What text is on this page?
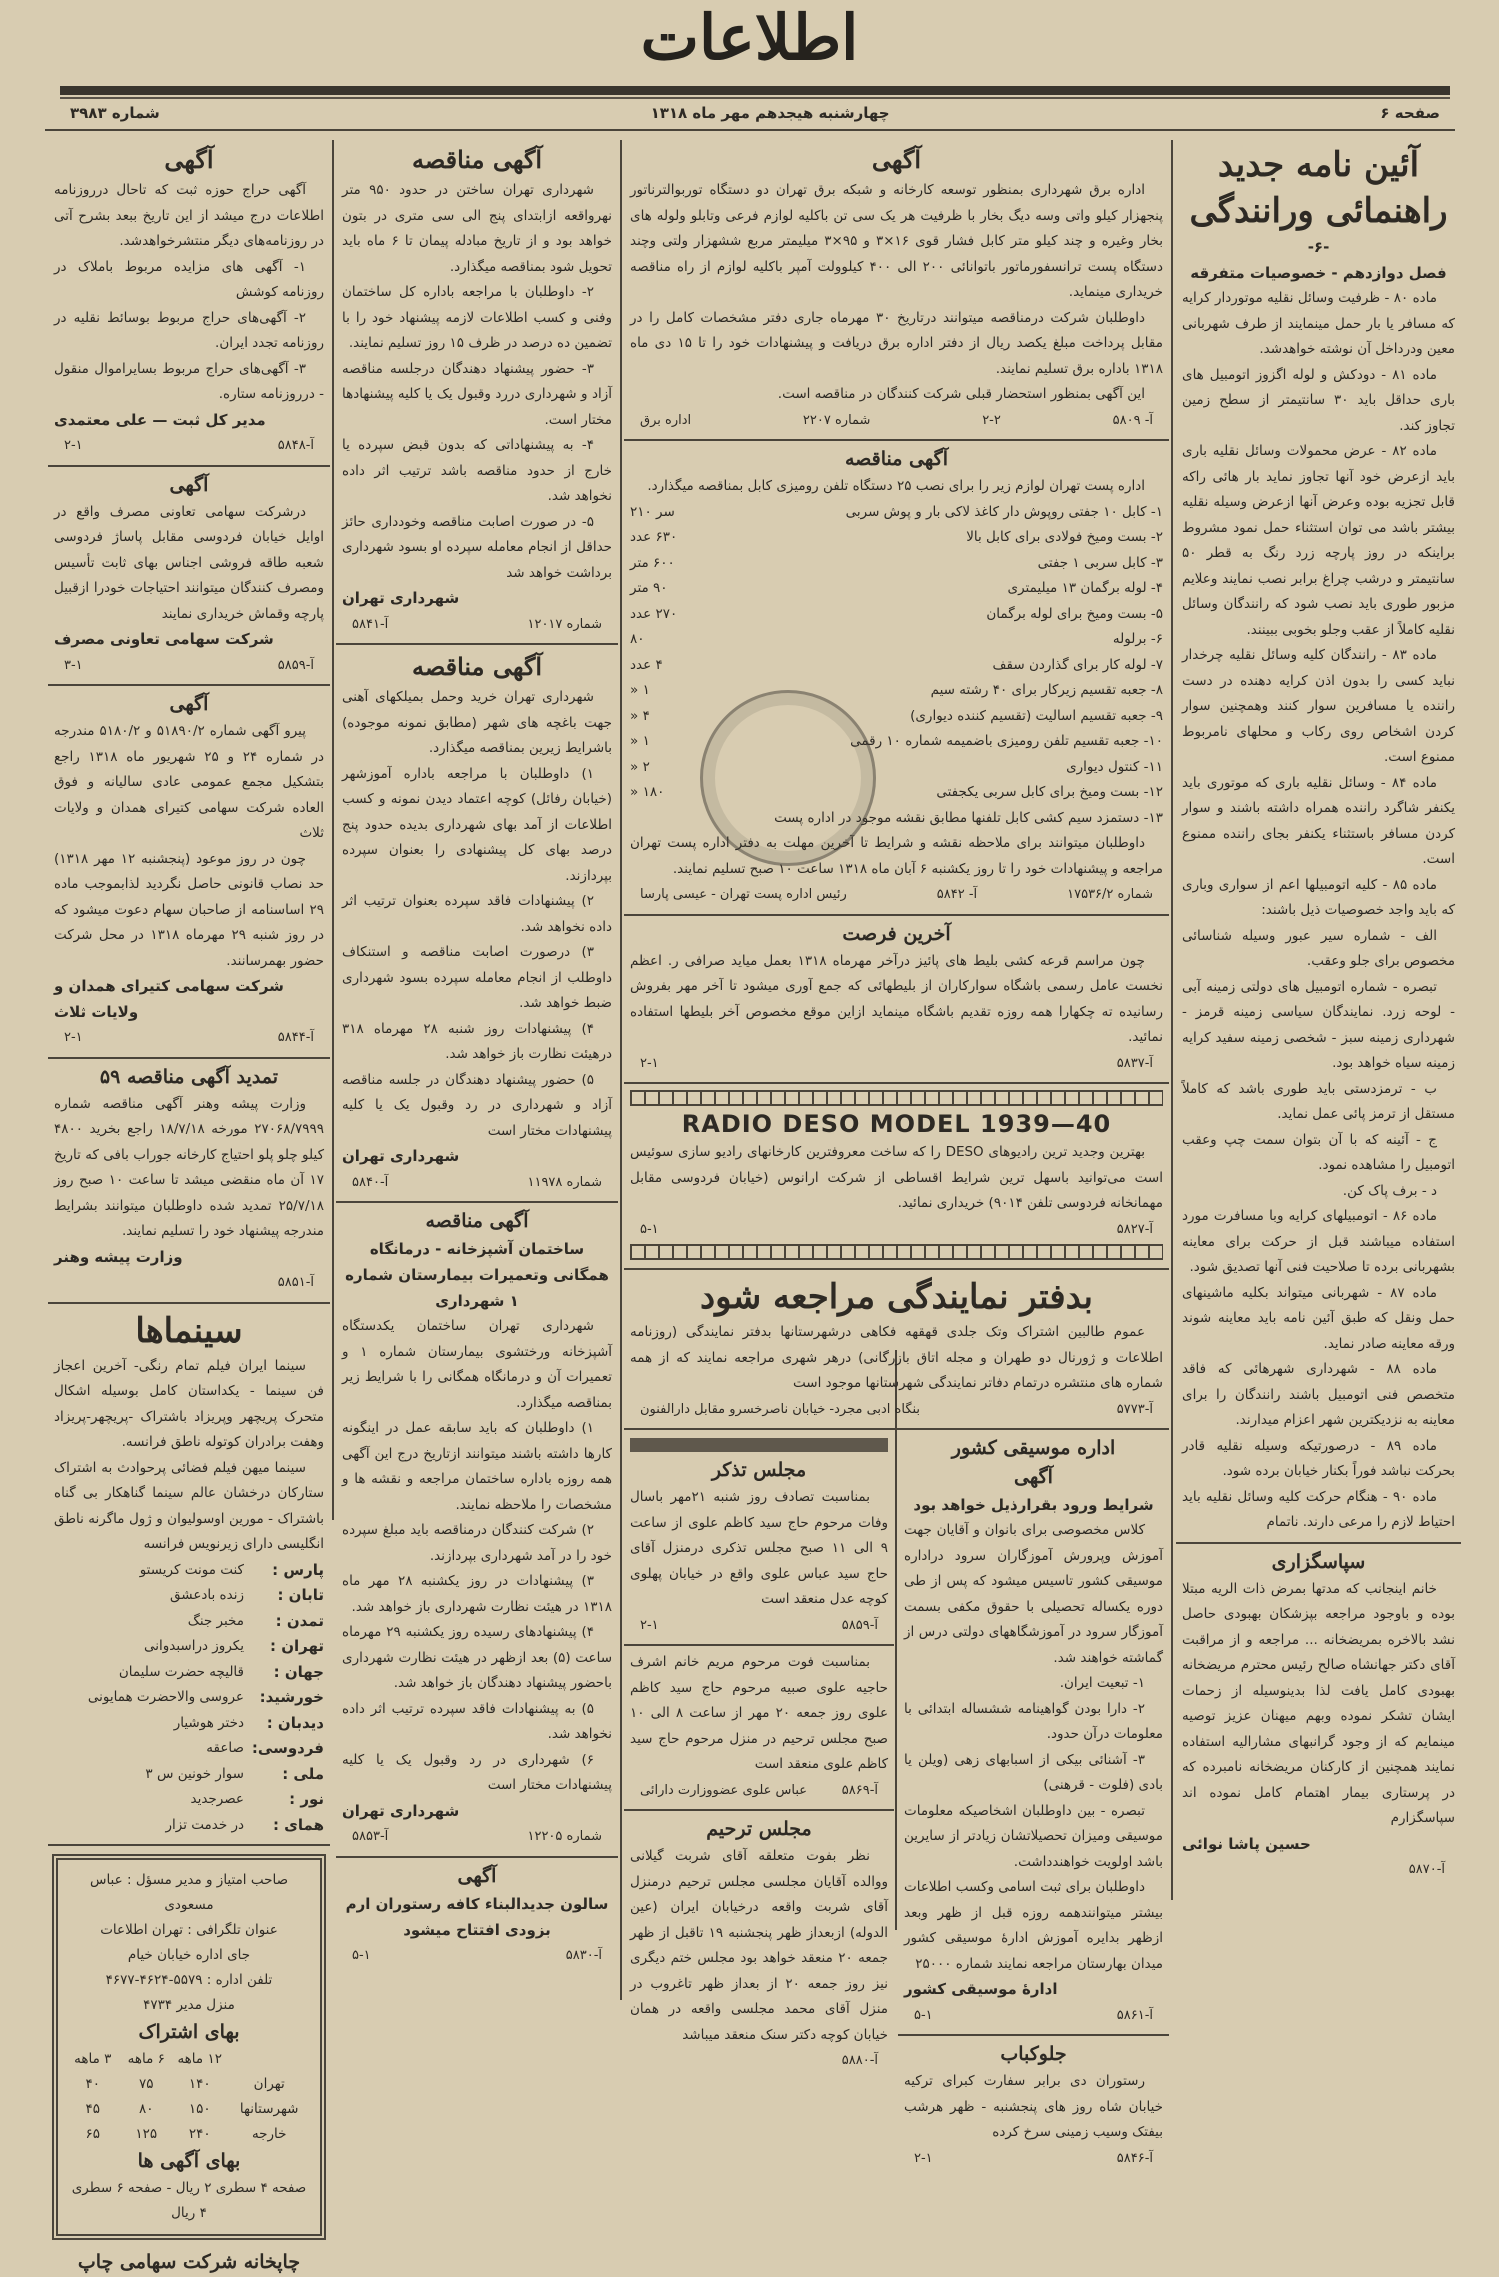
اطلاعات
صفحه ۶
چهارشنبه هیجدهم مهر ماه ۱۳۱۸
شماره ۳۹۸۳
آئین نامه جدید
راهنمائی ورانندگی
-۶-
فصل دوازدهم - خصوصیات متفرقه
ماده ۸۰ - ظرفیت وسائل نقلیه موتوردار کرایه که مسافر یا بار حمل مینمایند از طرف شهربانی معین ودرداخل آن نوشته خواهدشد.
ماده ۸۱ - دودکش و لوله اگزوز اتومبیل های باری حداقل باید ۳۰ سانتیمتر از سطح زمین تجاوز کند.
ماده ۸۲ - عرض محمولات وسائل نقلیه باری باید ازعرض خود آنها تجاوز نماید بار هائی راکه قابل تجزیه بوده وعرض آنها ازعرض وسیله نقلیه بیشتر باشد می توان استثناء حمل نمود مشروط براینکه در روز پارچه زرد رنگ به قطر ۵۰ سانتیمتر و درشب چراغ برابر نصب نمایند وعلایم مزبور طوری باید نصب شود که رانندگان وسائل نقلیه کاملاً از عقب وجلو بخوبی ببینند.
ماده ۸۳ - رانندگان کلیه وسائل نقلیه چرخدار نباید کسی را بدون اذن کرایه دهنده در دست راننده یا مسافرین سوار کنند وهمچنین سوار کردن اشخاص روی رکاب و محلهای نامربوط ممنوع است.
ماده ۸۴ - وسائل نقلیه باری که موتوری باید یکنفر شاگرد راننده همراه داشته باشند و سوار کردن مسافر باستثناء یکنفر بجای راننده ممنوع است.
ماده ۸۵ - کلیه اتومبیلها اعم از سواری وباری که باید واجد خصوصیات ذیل باشند:
الف - شماره سیر عبور وسیله شناسائی مخصوص برای جلو وعقب.
تبصره - شماره اتومبیل های دولتی زمینه آبی - لوحه زرد. نمایندگان سیاسی زمینه قرمز - شهرداری زمینه سبز - شخصی زمینه سفید کرایه زمینه سیاه خواهد بود.
ب - ترمزدستی باید طوری باشد که کاملاً مستقل از ترمز پائی عمل نماید.
ج - آئینه که با آن بتوان سمت چپ وعقب اتومبیل را مشاهده نمود.
د - برف پاک کن.
ماده ۸۶ - اتومبیلهای کرایه وبا مسافرت مورد استفاده میباشند قبل از حرکت برای معاینه بشهربانی برده تا صلاحیت فنی آنها تصدیق شود.
ماده ۸۷ - شهربانی میتواند بکلیه ماشینهای حمل ونقل که طبق آئین نامه باید معاینه شوند ورقه معاینه صادر نماید.
ماده ۸۸ - شهرداری شهرهائی که فاقد متخصص فنی اتومبیل باشند رانندگان را برای معاینه به نزدیکترین شهر اعزام میدارند.
ماده ۸۹ - درصورتیکه وسیله نقلیه قادر بحرکت نباشد فوراً بکنار خیابان برده شود.
ماده ۹۰ - هنگام حرکت کلیه وسائل نقلیه باید احتیاط لازم را مرعی دارند. ناتمام
سپاسگزاری
خانم اینجانب که مدتها بمرض ذات الریه مبتلا بوده و باوجود مراجعه بپزشکان بهبودی حاصل نشد بالاخره بمریضخانه ... مراجعه و از مراقبت آقای دکتر جهانشاه صالح رئیس محترم مریضخانه بهبودی کامل یافت لذا بدینوسیله از زحمات ایشان تشکر نموده وبهم میهنان عزیز توصیه مینمایم که از وجود گرانبهای مشارالیه استفاده نمایند همچنین از کارکنان مریضخانه نامبرده که در پرستاری بیمار اهتمام کامل نموده اند سپاسگزارم
حسین پاشا نوائی
آ-۵۸۷۰
آگهی
اداره برق شهرداری بمنظور توسعه کارخانه و شبکه برق تهران دو دستگاه توربوالترناتور پنجهزار کیلو واتی وسه دیگ بخار با ظرفیت هر یک سی تن باکلیه لوازم فرعی وتابلو ولوله های بخار وغیره و چند کیلو متر کابل فشار قوی ۱۶×۳ و ۹۵×۳ میلیمتر مربع ششهزار ولتی وچند دستگاه پست ترانسفورماتور باتوانائی ۲۰۰ الی ۴۰۰ کیلوولت آمپر باکلیه لوازم از راه مناقصه خریداری مینماید.
داوطلبان شرکت درمناقصه میتوانند درتاریخ ۳۰ مهرماه جاری دفتر مشخصات کامل را در مقابل پرداخت مبلغ یکصد ریال از دفتر اداره برق دریافت و پیشنهادات خود را تا ۱۵ دی ماه ۱۳۱۸ باداره برق تسلیم نمایند.
این آگهی بمنظور استحضار قبلی شرکت کنندگان در مناقصه است.
آ- ۵۸۰۹
۲-۲
شماره ۲۲۰۷
اداره برق
آگهی مناقصه
اداره پست تهران لوازم زیر را برای نصب ۲۵ دستگاه تلفن رومیزی کابل بمناقصه میگذارد.
۱- کابل ۱۰ جفتی روپوش دار کاغذ لاکی بار و پوش سربی
سر ۲۱۰
۲- بست ومیخ فولادی برای کابل بالا
۶۳۰ عدد
۳- کابل سربی ۱ جفتی
۶۰۰ متر
۴- لوله برگمان ۱۳ میلیمتری
۹۰ متر
۵- بست ومیخ برای لوله برگمان
۲۷۰ عدد
۶- برلوله
۸۰
۷- لوله کار برای گذاردن سقف
۴ عدد
۸- جعبه تقسیم زیرکار برای ۴۰ رشته سیم
۱ «
۹- جعبه تقسیم اسالیت (تقسیم کننده دیواری)
۴ «
۱۰- جعبه تقسیم تلفن رومیزی باضمیمه شماره ۱۰ رقمی
۱ «
۱۱- کنتول دیواری
۲ «
۱۲- بست ومیخ برای کابل سربی یکجفتی
۱۸۰ «
۱۳- دستمزد سیم کشی کابل تلفنها مطابق نقشه موجود در اداره پست
داوطلبان میتوانند برای ملاحظه نقشه و شرایط تا آخرین مهلت به دفتر اداره پست تهران مراجعه و پیشنهادات خود را تا روز یکشنبه ۶ آبان ماه ۱۳۱۸ ساعت ۱۰ صبح تسلیم نمایند.
شماره ۱۷۵۳۶/۲
آ- ۵۸۴۲
رئیس اداره پست تهران - عیسی پارسا
آخرین فرصت
چون مراسم قرعه کشی بلیط های پائیز درآخر مهرماه ۱۳۱۸ بعمل میاید صرافی ر. اعظم نخست عامل رسمی باشگاه سوارکاران از بلیطهائی که جمع آوری میشود تا آخر مهر بفروش رسانیده ته چکهارا همه روزه تقدیم باشگاه مینماید ازاین موقع مخصوص آخر بلیطها استفاده نمائید.
آ-۵۸۳۷
۲-۱
RADIO DESO MODEL 1939—40
بهترین وجدید ترین رادیوهای DESO را که ساخت معروفترین کارخانهای رادیو سازی سوئیس است می‌توانید باسهل ترین شرایط اقساطی از شرکت ارانوس (خیابان فردوسی مقابل مهمانخانه فردوسی تلفن ۹۰۱۴) خریداری نمائید.
آ-۵۸۲۷
۵-۱
بدفتر نمایندگی مراجعه شود
عموم طالبین اشتراک وتک جلدی قهقهه فکاهی درشهرستانها بدفتر نمایندگی (روزنامه اطلاعات و ژورنال دو طهران و مجله اتاق بازرگانی) درهر شهری مراجعه نمایند که از همه شماره های منتشره درتمام دفاتر نمایندگی شهرستانها موجود است
آ-۵۷۷۳
بنگاه ادبی مجرد- خیابان ناصرخسرو مقابل دارالفنون
اداره موسیقی کشور
آگهی
شرایط ورود بقرارذیل خواهد بود
کلاس مخصوصی برای بانوان و آقایان جهت آموزش وپرورش آموزگاران سرود دراداره موسیقی کشور تاسیس میشود که پس از طی دوره یکساله تحصیلی با حقوق مکفی بسمت آموزگار سرود در آموزشگاههای دولتی درس از گماشته خواهند شد.
۱- تبعیت ایران.
۲- دارا بودن گواهینامه ششساله ابتدائی با معلومات درآن حدود.
۳- آشنائی بیکی از اسبابهای زهی (ویلن یا بادی (فلوت - قرهنی)
تبصره - بین داوطلبان اشخاصیکه معلومات موسیقی ومیزان تحصیلاتشان زیادتر از سایرین باشد اولویت خواهندداشت.
داوطلبان برای ثبت اسامی وکسب اطلاعات بیشتر میتوانندهمه روزه قبل از ظهر وبعد ازظهر بدایره آموزش ادارهٔ موسیقی کشور میدان بهارستان مراجعه نمایند شماره ۲۵۰۰۰
ادارهٔ موسیقی کشور
آ-۵۸۶۱
۵-۱
جلوکباب
رستوران دی برابر سفارت کبرای ترکیه خیابان شاه روز های پنجشنبه - ظهر هرشب بیفتک وسیب زمینی سرخ کرده
آ-۵۸۴۶
۲-۱
مجلس تذکر
بمناسبت تصادف روز شنبه ۲۱مهر باسال وفات مرحوم حاج سید کاظم علوی از ساعت ۹ الی ۱۱ صبح مجلس تذکری درمنزل آقای حاج سید عباس علوی واقع در خیابان پهلوی کوچه عدل منعقد است
آ-۵۸۵۹
۲-۱
بمناسبت فوت مرحوم مریم خانم اشرف حاجیه علوی صبیه مرحوم حاج سید کاظم علوی روز جمعه ۲۰ مهر از ساعت ۸ الی ۱۰ صبح مجلس ترحیم در منزل مرحوم حاج سید کاظم علوی منعقد است
آ-۵۸۶۹
عباس علوی عضووزارت دارائی
مجلس ترحیم
نظر بفوت متعلقه آقای شربت گیلانی ووالده آقایان مجلسی مجلس ترحیم درمنزل آقای شربت واقعه درخیابان ایران (عین الدوله) ازبعداز ظهر پنجشنبه ۱۹ تاقبل از ظهر جمعه ۲۰ منعقد خواهد بود مجلس ختم دیگری نیز روز جمعه ۲۰ از بعداز ظهر تاغروب در منزل آقای محمد مجلسی واقعه در همان خیابان کوچه دکتر سنک منعقد میباشد
آ-۵۸۸۰
آگهی مناقصه
شهرداری تهران ساختن در حدود ۹۵۰ متر نهرواقعه ازابتدای پنج الی سی متری در بتون خواهد بود و از تاریخ مبادله پیمان تا ۶ ماه باید تحویل شود بمناقصه میگذارد.
۲- داوطلبان با مراجعه باداره کل ساختمان وفنی و کسب اطلاعات لازمه پیشنهاد خود را با تضمین ده درصد در ظرف ۱۵ روز تسلیم نمایند.
۳- حضور پیشنهاد دهندگان درجلسه مناقصه آزاد و شهرداری دررد وقبول یک یا کلیه پیشنهادها مختار است.
۴- به پیشنهاداتی که بدون قبض سپرده یا خارج از حدود مناقصه باشد ترتیب اثر داده نخواهد شد.
۵- در صورت اصابت مناقصه وخودداری حائز حداقل از انجام معامله سپرده او بسود شهرداری برداشت خواهد شد
شهرداری تهران
شماره ۱۲۰۱۷
آ-۵۸۴۱
آگهی مناقصه
شهرداری تهران خرید وحمل بمیلکهای آهنی جهت باغچه های شهر (مطابق نمونه موجوده) باشرایط زیرین بمناقصه میگذارد.
۱) داوطلبان با مراجعه باداره آموزشهر (خیابان رفائل) کوچه اعتماد دیدن نمونه و کسب اطلاعات از آمد بهای شهرداری بدیده حدود پنج درصد بهای کل پیشنهادی را بعنوان سپرده بپردازند.
۲) پیشنهادات فاقد سپرده بعنوان ترتیب اثر داده نخواهد شد.
۳) درصورت اصابت مناقصه و استنکاف داوطلب از انجام معامله سپرده بسود شهرداری ضبط خواهد شد.
۴) پیشنهادات روز شنبه ۲۸ مهرماه ۳۱۸ درهیئت نظارت باز خواهد شد.
۵) حضور پیشنهاد دهندگان در جلسه مناقصه آزاد و شهرداری در رد وقبول یک یا کلیه پیشنهادات مختار است
شهرداری تهران
شماره ۱۱۹۷۸
آ-۵۸۴۰
آگهی مناقصه
ساختمان آشپزخانه - درمانگاه همگانی وتعمیرات بیمارستان شماره ۱ شهرداری
شهرداری تهران ساختمان یکدستگاه آشپزخانه ورختشوی بیمارستان شماره ۱ و تعمیرات آن و درمانگاه همگانی را با شرایط زیر بمناقصه میگذارد.
۱) داوطلبان که باید سابقه عمل در اینگونه کارها داشته باشند میتوانند ازتاریخ درج این آگهی همه روزه باداره ساختمان مراجعه و نقشه ها و مشخصات را ملاحظه نمایند.
۲) شرکت کنندگان درمناقصه باید مبلغ سپرده خود را در آمد شهرداری بپردازند.
۳) پیشنهادات در روز یکشنبه ۲۸ مهر ماه ۱۳۱۸ در هیئت نظارت شهرداری باز خواهد شد.
۴) پیشنهادهای رسیده روز یکشنبه ۲۹ مهرماه ساعت (۵) بعد ازظهر در هیئت نظارت شهرداری باحضور پیشنهاد دهندگان باز خواهد شد.
۵) به پیشنهادات فاقد سپرده ترتیب اثر داده نخواهد شد.
۶) شهرداری در رد وقبول یک یا کلیه پیشنهادات مختار است
شهرداری تهران
شماره ۱۲۲۰۵
آ-۵۸۵۳
آگهی
سالون جدیدالبناء کافه رستوران ارم بزودی افتتاح میشود
آ-۵۸۳۰
۵-۱
آگهی
آگهی حراج حوزه ثبت که تاحال درروزنامه اطلاعات درج میشد از این تاریخ ببعد بشرح آتی در روزنامه‌های دیگر منتشرخواهدشد.
۱- آگهی های مزایده مربوط باملاک در روزنامه کوشش
۲- آگهی‌های حراج مربوط بوسائط نقلیه در روزنامه تجدد ایران.
۳- آگهی‌های حراج مربوط بسایراموال منقول - درروزنامه ستاره.
مدیر کل ثبت — علی معتمدی
آ-۵۸۴۸
۲-۱
آگهی
درشرکت سهامی تعاونی مصرف واقع در اوایل خیابان فردوسی مقابل پاساژ فردوسی شعبه طاقه فروشی اجناس بهای ثابت تأسیس ومصرف کنندگان میتوانند احتیاجات خودرا ازقبیل پارچه وقماش خریداری نمایند
شرکت سهامی تعاونی مصرف
آ-۵۸۵۹
۳-۱
آگهی
پیرو آگهی شماره ۵۱۸۹۰/۲ و ۵۱۸۰/۲ مندرجه در شماره ۲۴ و ۲۵ شهریور ماه ۱۳۱۸ راجع بتشکیل مجمع عمومی عادی سالیانه و فوق العاده شرکت سهامی کتیرای همدان و ولایات ثلاث
چون در روز موعود (پنجشنبه ۱۲ مهر ۱۳۱۸) حد نصاب قانونی حاصل نگردید لذابموجب ماده ۲۹ اساسنامه از صاحبان سهام دعوت میشود که در روز شنبه ۲۹ مهرماه ۱۳۱۸ در محل شرکت حضور بهمرسانند.
شرکت سهامی کتیرای همدان و ولایات ثلاث
آ-۵۸۴۴
۲-۱
تمدید آگهی مناقصه ۵۹
وزارت پیشه وهنر آگهی مناقصه شماره ۲۷۰۶۸/۷۹۹۹ مورخه ۱۸/۷/۱۸ راجع بخرید ۴۸۰۰ کیلو چلو پلو احتیاج کارخانه جوراب بافی که تاریخ ۱۷ آن ماه منقضی میشد تا ساعت ۱۰ صبح روز ۲۵/۷/۱۸ تمدید شده داوطلبان میتوانند بشرایط مندرجه پیشنهاد خود را تسلیم نمایند.
وزارت پیشه وهنر
آ-۵۸۵۱
سینماها
سینما ایران فیلم تمام رنگی- آخرین اعجاز فن سینما - یکداستان کامل بوسیله اشکال متحرک پریچهر وپریزاد باشتراک -پریچهر-پریزاد وهفت برادران کوتوله ناطق فرانسه.
سینما میهن فیلم فضائی پرحوادث به اشتراک ستارکان درخشان عالم سینما گناهکار بی گناه باشتراک - مورین اوسولیوان و ژول ماگرنه ناطق انگلیسی دارای زیرنویس فرانسه
پارس :
کنت مونت کریستو
تابان :
زنده بادعشق
تمدن :
مخبر جنگ
تهران :
یکروز دراسبدوانی
جهان :
قالیچه حضرت سلیمان
خورشید:
عروسی والاحضرت همایونی
دیدبان :
دختر هوشیار
فردوسی:
صاعقه
ملی :
سوار خونین س ۳
نور :
عصرجدید
همای :
در خدمت تزار
صاحب امتیاز و مدیر مسؤل : عباس مسعودی
عنوان تلگرافی : تهران اطلاعات
جای اداره خیابان خیام
تلفن اداره : ۵۵۷۹-۴۶۲۴-۴۶۷۷
منزل مدیر ۴۷۳۴
بهای اشتراک
۱۲ ماهه
۶ ماهه
۳ ماهه
تهران
۱۴۰
۷۵
۴۰
شهرستانها
۱۵۰
۸۰
۴۵
خارجه
۲۴۰
۱۲۵
۶۵
بهای آگهی ها
صفحه ۴ سطری ۲ ریال - صفحه ۶ سطری ۴ ریال
چاپخانه شرکت سهامی چاپ
